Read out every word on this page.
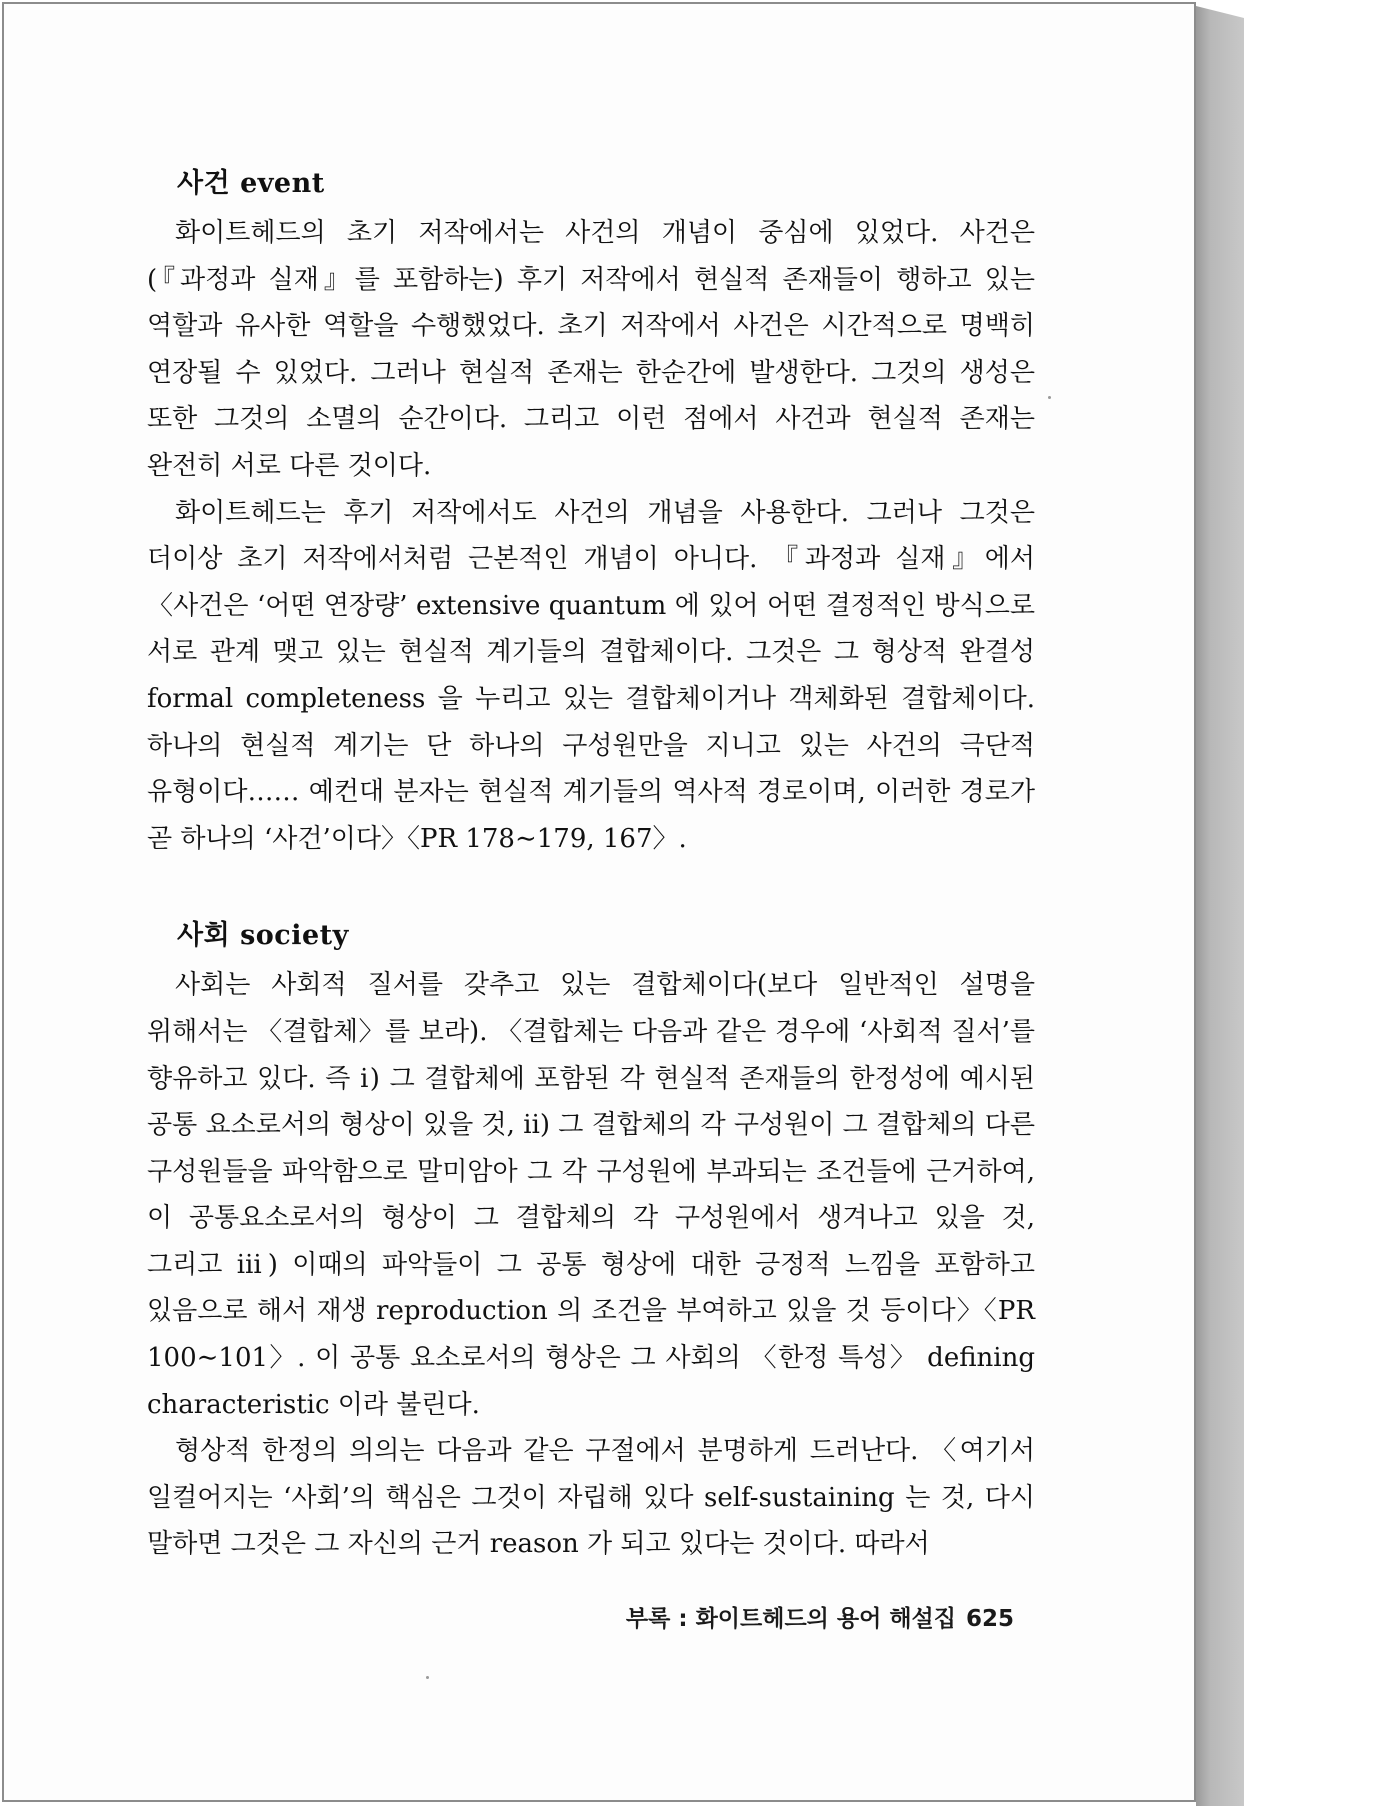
사건 event

화이트헤드의 초기 저작에서는 사건의 개념이 중심에 있었다. 사건은 (『과정과 실재』를 포함하는) 후기 저작에서 현실적 존재들이 행하고 있는 역할과 유사한 역할을 수행했었다. 초기 저작에서 사건은 시간적으로 명백히 연장될 수 있었다. 그러나 현실적 존재는 한순간에 발생한다. 그것의 생성은 또한 그것의 소멸의 순간이다. 그리고 이런 점에서 사건과 현실적 존재는 완전히 서로 다른 것이다.

화이트헤드는 후기 저작에서도 사건의 개념을 사용한다. 그러나 그것은 더이상 초기 저작에서처럼 근본적인 개념이 아니다. 『과정과 실재』에서 〈사건은 ‘어떤 연장량’ extensive quantum 에 있어 어떤 결정적인 방식으로 서로 관계 맺고 있는 현실적 계기들의 결합체이다. 그것은 그 형상적 완결성 formal completeness 을 누리고 있는 결합체이거나 객체화된 결합체이다. 하나의 현실적 계기는 단 하나의 구성원만을 지니고 있는 사건의 극단적 유형이다…… 예컨대 분자는 현실적 계기들의 역사적 경로이며, 이러한 경로가 곧 하나의 ‘사건’이다〉〈PR 178∼179, 167〉.

사회 society

사회는 사회적 질서를 갖추고 있는 결합체이다(보다 일반적인 설명을 위해서는 〈결합체〉를 보라). 〈결합체는 다음과 같은 경우에 ‘사회적 질서’를 향유하고 있다. 즉 ⅰ) 그 결합체에 포함된 각 현실적 존재들의 한정성에 예시된 공통 요소로서의 형상이 있을 것, ⅱ) 그 결합체의 각 구성원이 그 결합체의 다른 구성원들을 파악함으로 말미암아 그 각 구성원에 부과되는 조건들에 근거하여, 이 공통요소로서의 형상이 그 결합체의 각 구성원에서 생겨나고 있을 것, 그리고 ⅲ) 이때의 파악들이 그 공통 형상에 대한 긍정적 느낌을 포함하고 있음으로 해서 재생 reproduction 의 조건을 부여하고 있을 것 등이다〉〈PR 100∼101〉. 이 공통 요소로서의 형상은 그 사회의 〈한정 특성〉 defining characteristic 이라 불린다.

형상적 한정의 의의는 다음과 같은 구절에서 분명하게 드러난다. 〈여기서 일컬어지는 ‘사회’의 핵심은 그것이 자립해 있다 self-sustaining 는 것, 다시 말하면 그것은 그 자신의 근거 reason 가 되고 있다는 것이다. 따라서

부록 : 화이트헤드의 용어 해설집 625
